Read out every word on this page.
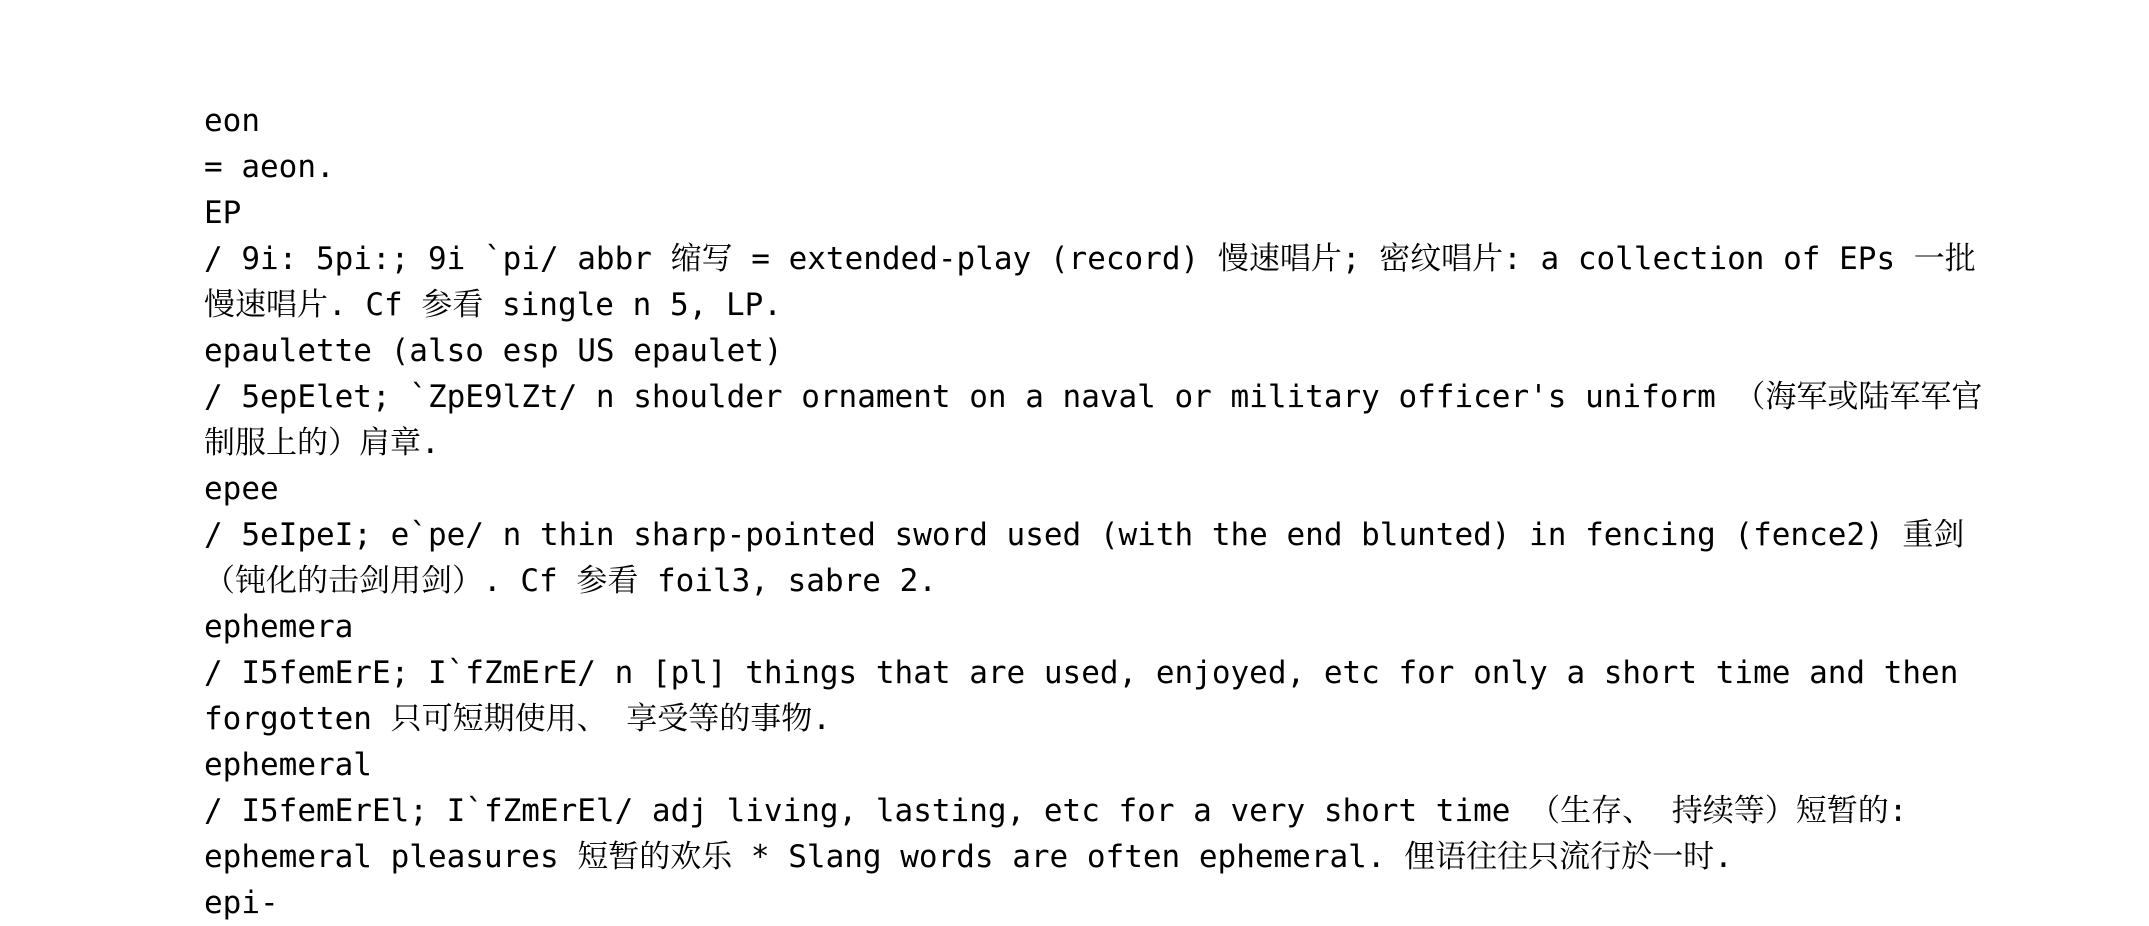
eon
= aeon.
EP
/ 9i: 5pi:; 9i `pi/ abbr 缩写 = extended-play (record) 慢速唱片; 密纹唱片: a collection of EPs 一批慢速唱片. Cf 参看 single n 5, LP.
epaulette (also esp US epaulet)
/ 5epElet; `ZpE9lZt/ n shoulder ornament on a naval or military officer's uniform （海军或陆军军官制服上的）肩章.
epee
/ 5eIpeI; e`pe/ n thin sharp-pointed sword used (with the end blunted) in fencing (fence2) 重剑（钝化的击剑用剑）. Cf 参看 foil3, sabre 2.
ephemera
/ I5femErE; I`fZmErE/ n [pl] things that are used, enjoyed, etc for only a short time and then forgotten 只可短期使用、 享受等的事物.
ephemeral
/ I5femErEl; I`fZmErEl/ adj living, lasting, etc for a very short time （生存、 持续等）短暂的: ephemeral pleasures 短暂的欢乐 * Slang words are often ephemeral. 俚语往往只流行於一时.
epi-
